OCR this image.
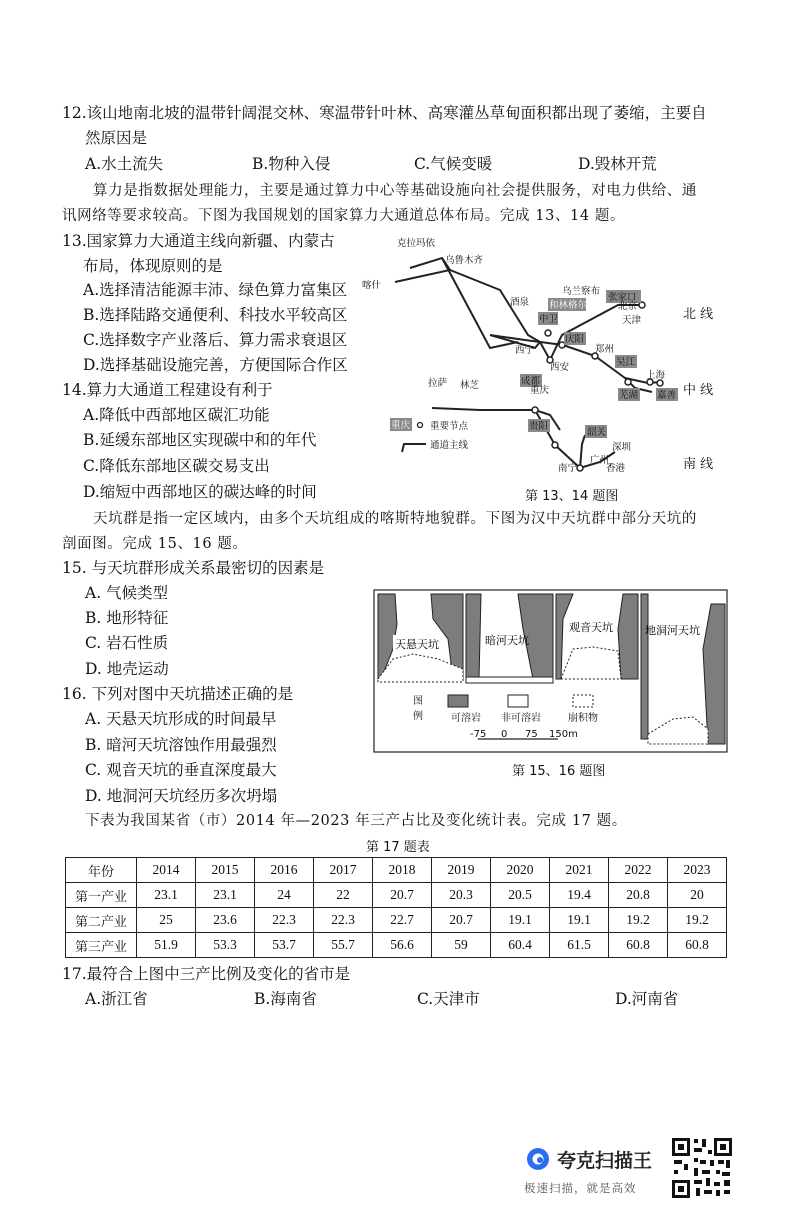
12.该山地南北坡的温带针阔混交林、寒温带针叶林、高寒灌丛草甸面积都出现了萎缩，主要自
然原因是
A.水土流失	B.物种入侵	C.气候变暖	D.毁林开荒
算力是指数据处理能力，主要是通过算力中心等基础设施向社会提供服务，对电力供给、通
讯网络等要求较高。下图为我国规划的国家算力大通道总体布局。完成 13、14 题。
13.国家算力大通道主线向新疆、内蒙古
布局，体现原则的是
A.选择清洁能源丰沛、绿色算力富集区
B.选择陆路交通便利、科技水平较高区
C.选择数字产业落后、算力需求衰退区
D.选择基础设施完善，方便国际合作区
14.算力大通道工程建设有利于
A.降低中西部地区碳汇功能
B.延缓东部地区实现碳中和的年代
C.降低东部地区碳交易支出
D.缩短中西部地区的碳达峰的时间
克拉玛依
乌鲁木齐
喀什
酒泉
乌兰察布
和林格尔
张家口
北京
天津
中卫
西宁
庆阳
郑州
西安	吴江
上海
芜湖 嘉善
拉萨 林芝	成都
重庆
贵阳
韶关
深圳
广州
南宁	香港
北 线
中 线
南 线
重庆 重要节点
通道主线
第 13、14 题图
天坑群是指一定区域内，由多个天坑组成的喀斯特地貌群。下图为汉中天坑群中部分天坑的
剖面图。完成 15、16 题。
15. 与天坑群形成关系最密切的因素是
A. 气候类型
B. 地形特征
C. 岩石性质
D. 地壳运动
16. 下列对图中天坑描述正确的是
A. 天悬天坑形成的时间最早
B. 暗河天坑溶蚀作用最强烈
C. 观音天坑的垂直深度最大
D. 地洞河天坑经历多次坍塌
天悬天坑	暗河天坑
观音天坑	地洞河天坑
图
例	可溶岩 非可溶岩	崩积物
-75 0 75 150m
第 15、16 题图
下表为我国某省（市）2014 年—2023 年三产占比及变化统计表。完成 17 题。
第 17 题表
年份	2014	2015	2016	2017	2018	2019	2020	2021	2022	2023
第一产业	23.1	23.1	24	22	20.7	20.3	20.5	19.4	20.8	20
第二产业	25	23.6	22.3	22.3	22.7	20.7	19.1	19.1	19.2	19.2
第三产业	51.9	53.3	53.7	55.7	56.6	59	60.4	61.5	60.8	60.8
17.最符合上图中三产比例及变化的省市是
A.浙江省	B.海南省	C.天津市	D.河南省
夸克扫描王
极速扫描，就是高效
